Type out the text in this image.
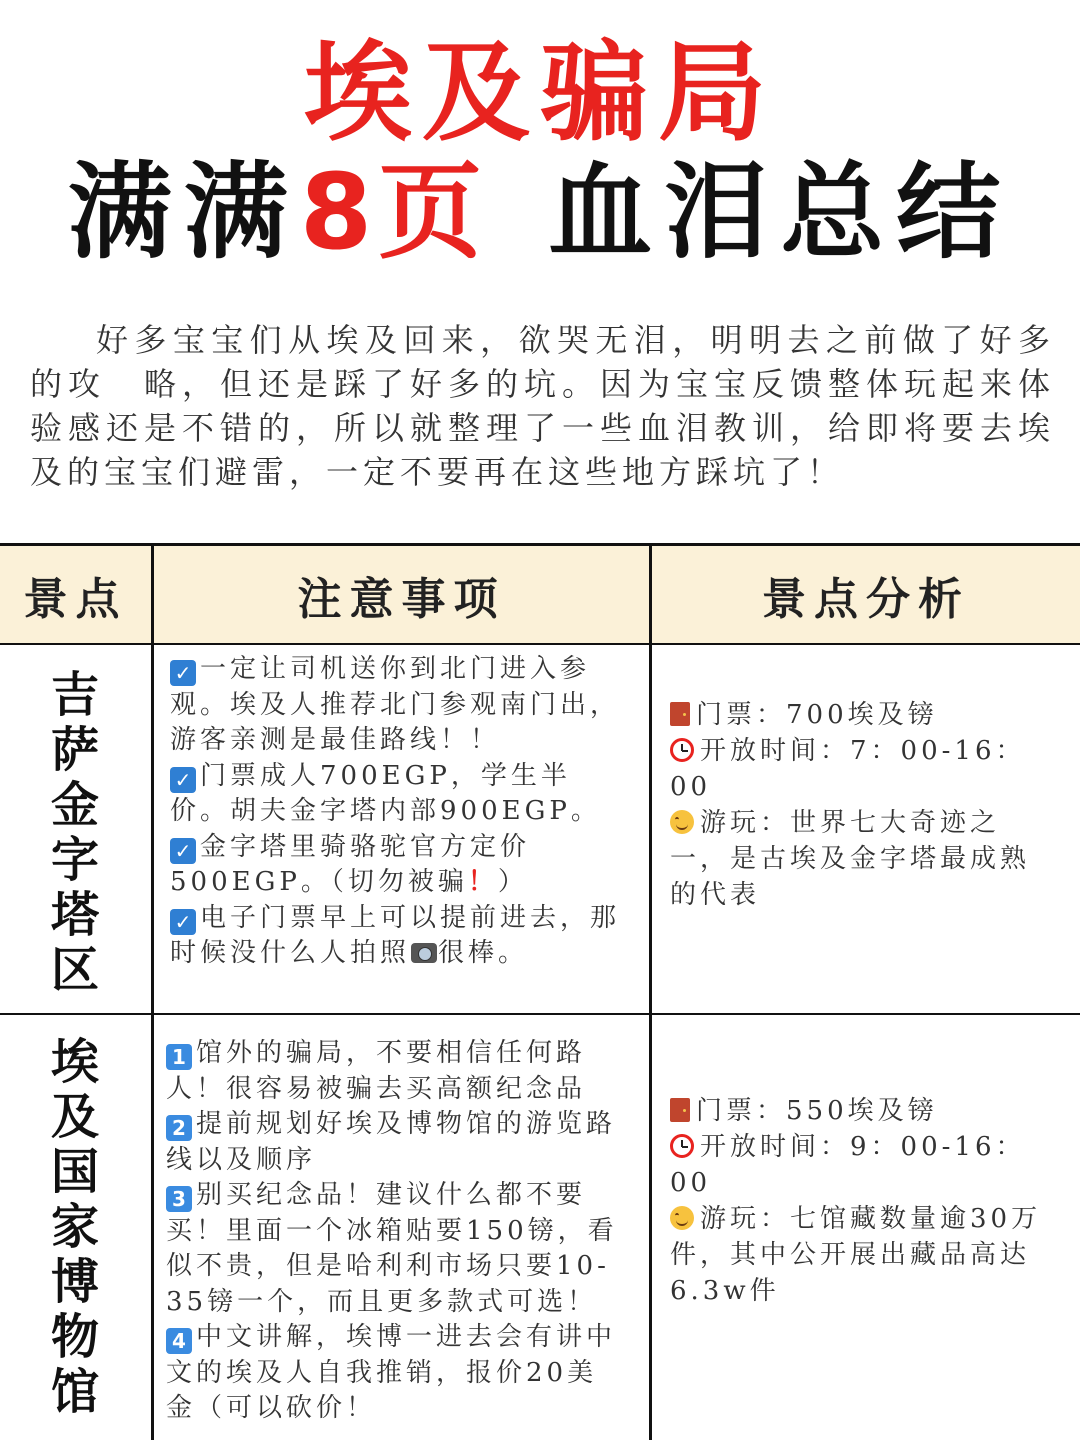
埃及骗局
满满8页 血泪总结
好多宝宝们从埃及回来，欲哭无泪，明明去之前做了好多的攻　略，但还是踩了好多的坑。因为宝宝反馈整体玩起来体验感还是不错的，所以就整理了一些血泪教训，给即将要去埃及的宝宝们避雷，一定不要再在这些地方踩坑了！
景点	注意事项	景点分析
吉萨金字塔区
✓ 一定让司机送你到北门进入参观。埃及人推荐北门参观南门出，游客亲测是最佳路线！！
✓ 门票成人700EGP，学生半价。胡夫金字塔内部900EGP。
✓ 金字塔里骑骆驼官方定价500EGP。（切勿被骗！）
✓ 电子门票早上可以提前进去，那时候没什么人拍照 很棒。
门票：700埃及镑
开放时间：7：00-16：00
游玩：世界七大奇迹之一，是古埃及金字塔最成熟的代表
埃及国家博物馆
1 馆外的骗局，不要相信任何路人！很容易被骗去买高额纪念品
2 提前规划好埃及博物馆的游览路线以及顺序
3 别买纪念品！建议什么都不要买！里面一个冰箱贴要150镑，看似不贵，但是哈利利市场只要10-35镑一个，而且更多款式可选！
4 中文讲解，埃博一进去会有讲中文的埃及人自我推销，报价20美金（可以砍价！
门票：550埃及镑
开放时间：9：00-16：00
游玩：七馆藏数量逾30万件，其中公开展出藏品高达6.3w件
